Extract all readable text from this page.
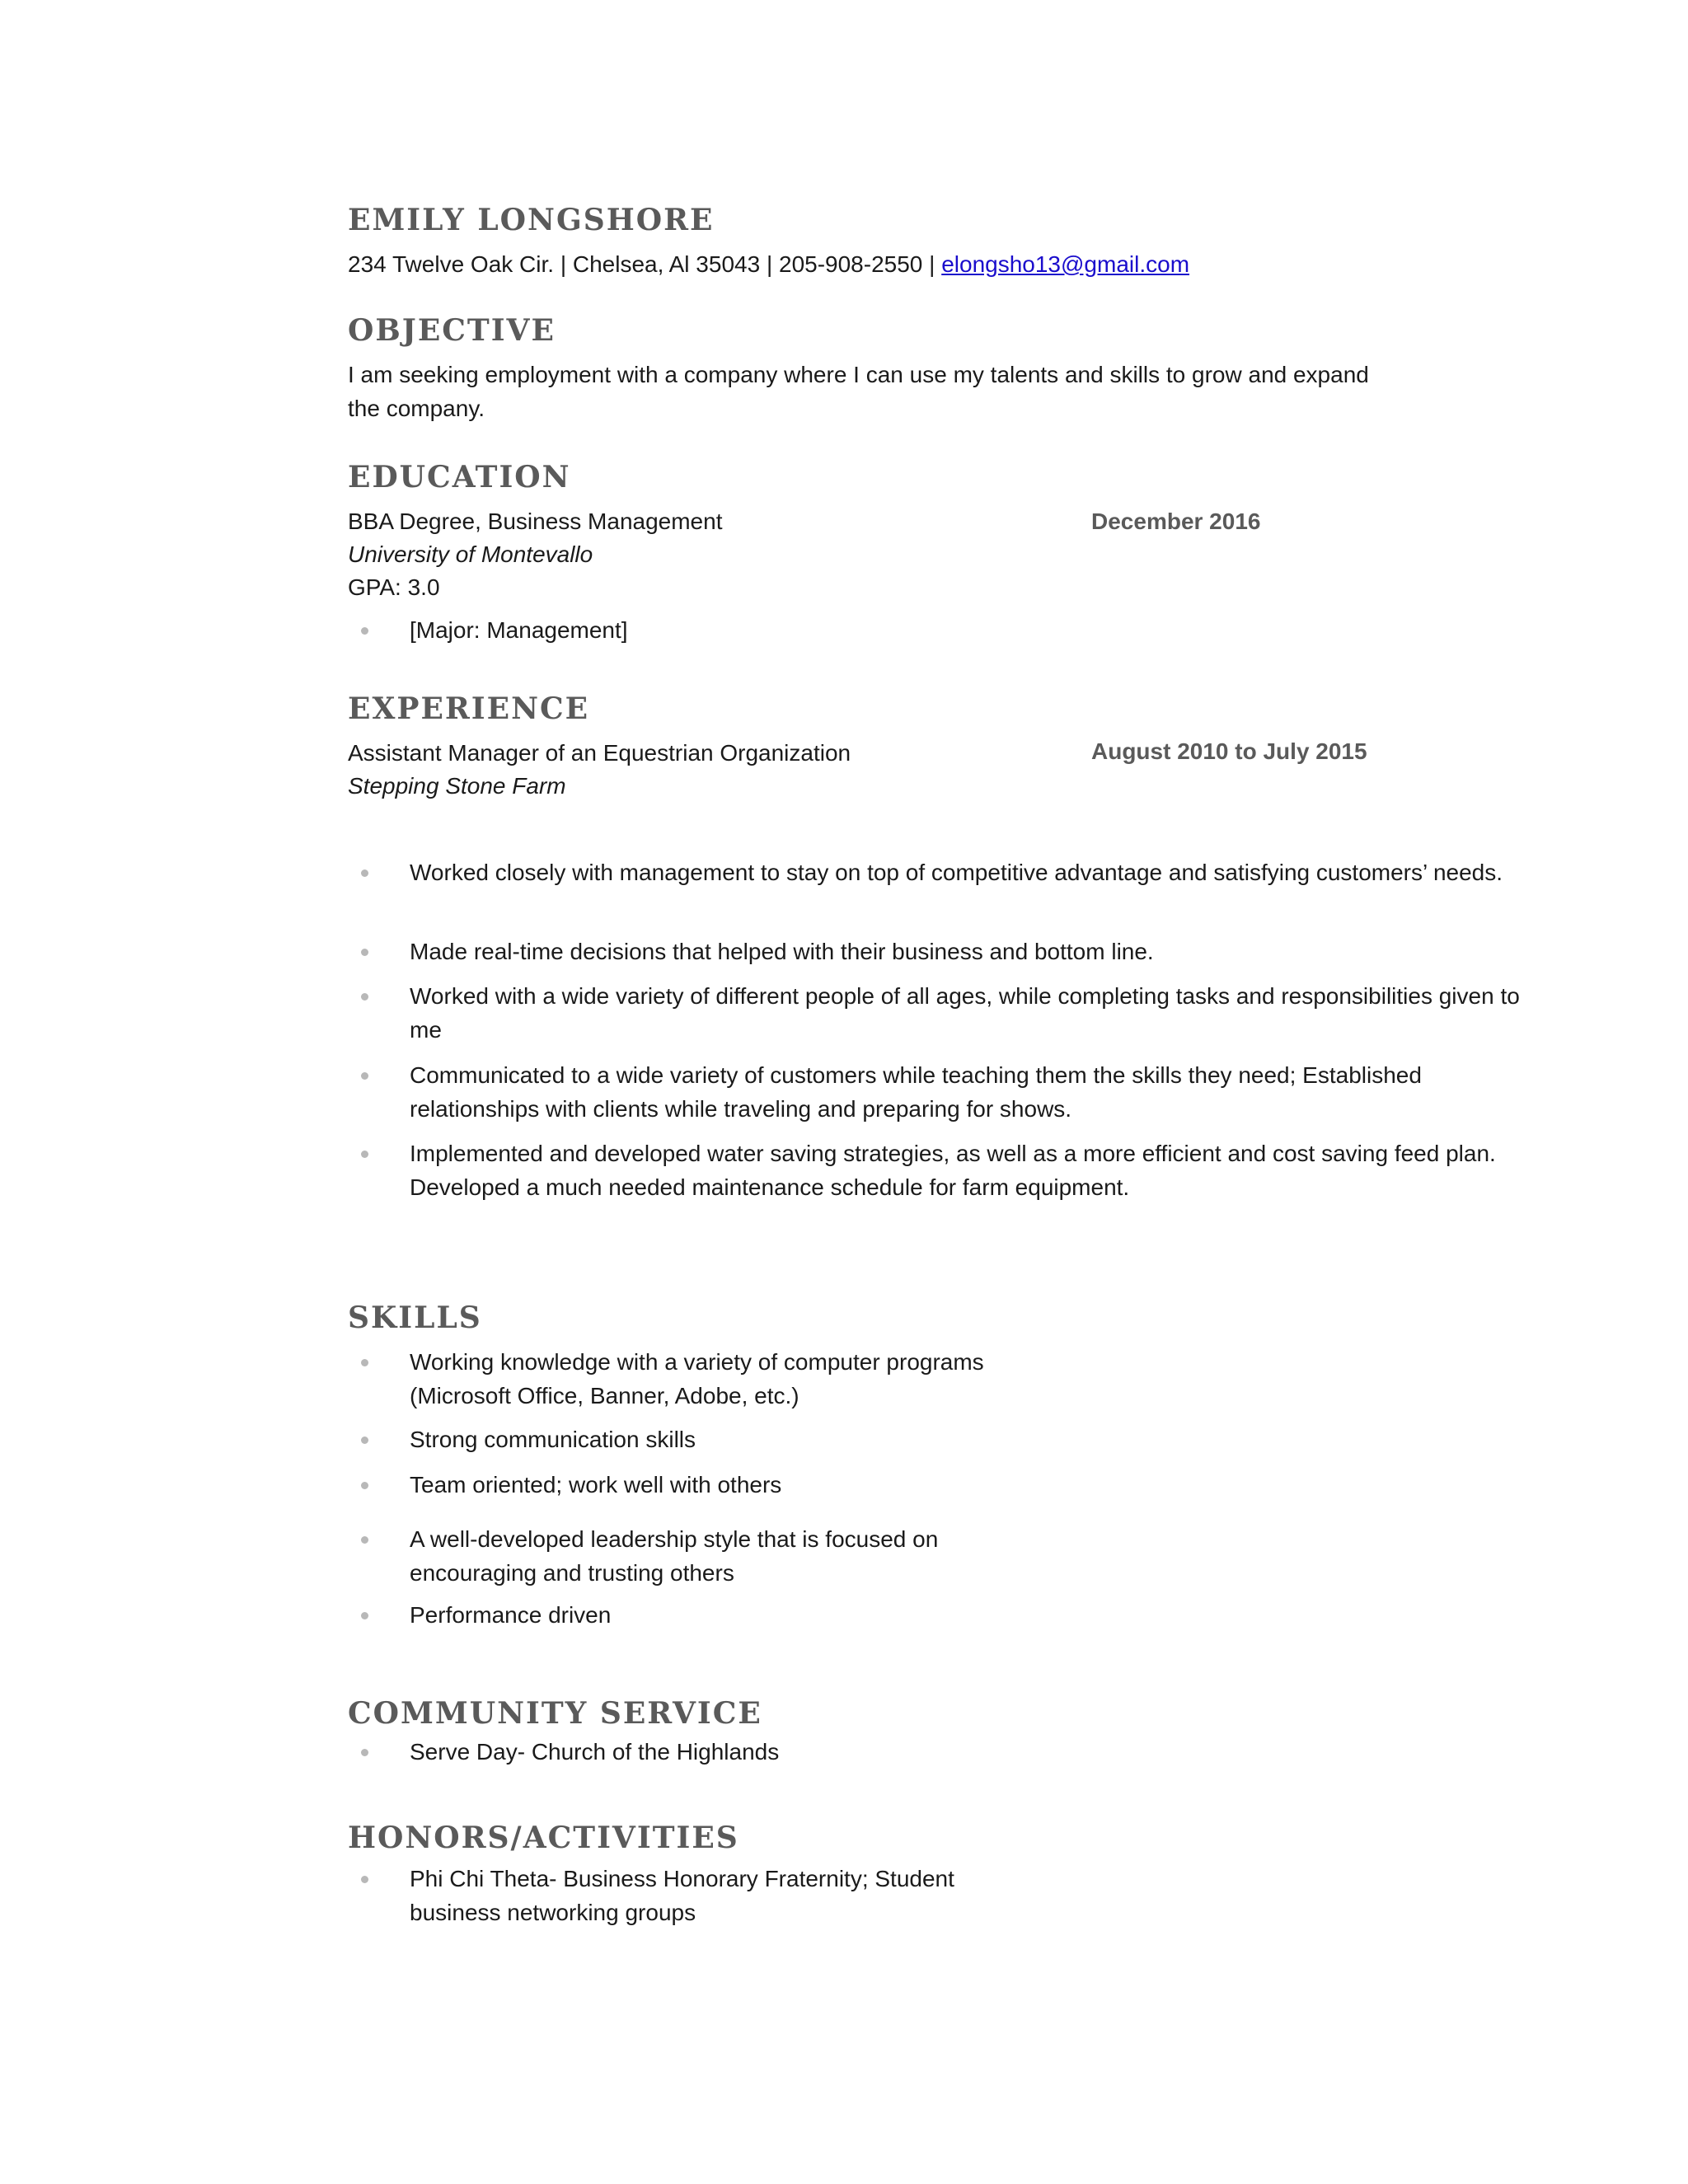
EMILY LONGSHORE
234 Twelve Oak Cir. | Chelsea, Al 35043 | 205-908-2550 | elongsho13@gmail.com
OBJECTIVE
I am seeking employment with a company where I can use my talents and skills to grow and expand the company.
EDUCATION
BBA Degree, Business Management	December 2016
University of Montevallo
GPA: 3.0
[Major: Management]
EXPERIENCE
Assistant Manager of an Equestrian Organization	August 2010 to July 2015
Stepping Stone Farm
Worked closely with management to stay on top of competitive advantage and satisfying customers’ needs.
Made real-time decisions that helped with their business and bottom line.
Worked with a wide variety of different people of all ages, while completing tasks and responsibilities given to me
Communicated to a wide variety of customers while teaching them the skills they need; Established relationships with clients while traveling and preparing for shows.
Implemented and developed water saving strategies, as well as a more efficient and cost saving feed plan. Developed a much needed maintenance schedule for farm equipment.
SKILLS
Working knowledge with a variety of computer programs (Microsoft Office, Banner, Adobe, etc.)
Strong communication skills
Team oriented; work well with others
A well-developed leadership style that is focused on encouraging and trusting others
Performance driven
COMMUNITY SERVICE
Serve Day- Church of the Highlands
HONORS/ACTIVITIES
Phi Chi Theta- Business Honorary Fraternity; Student business networking groups
